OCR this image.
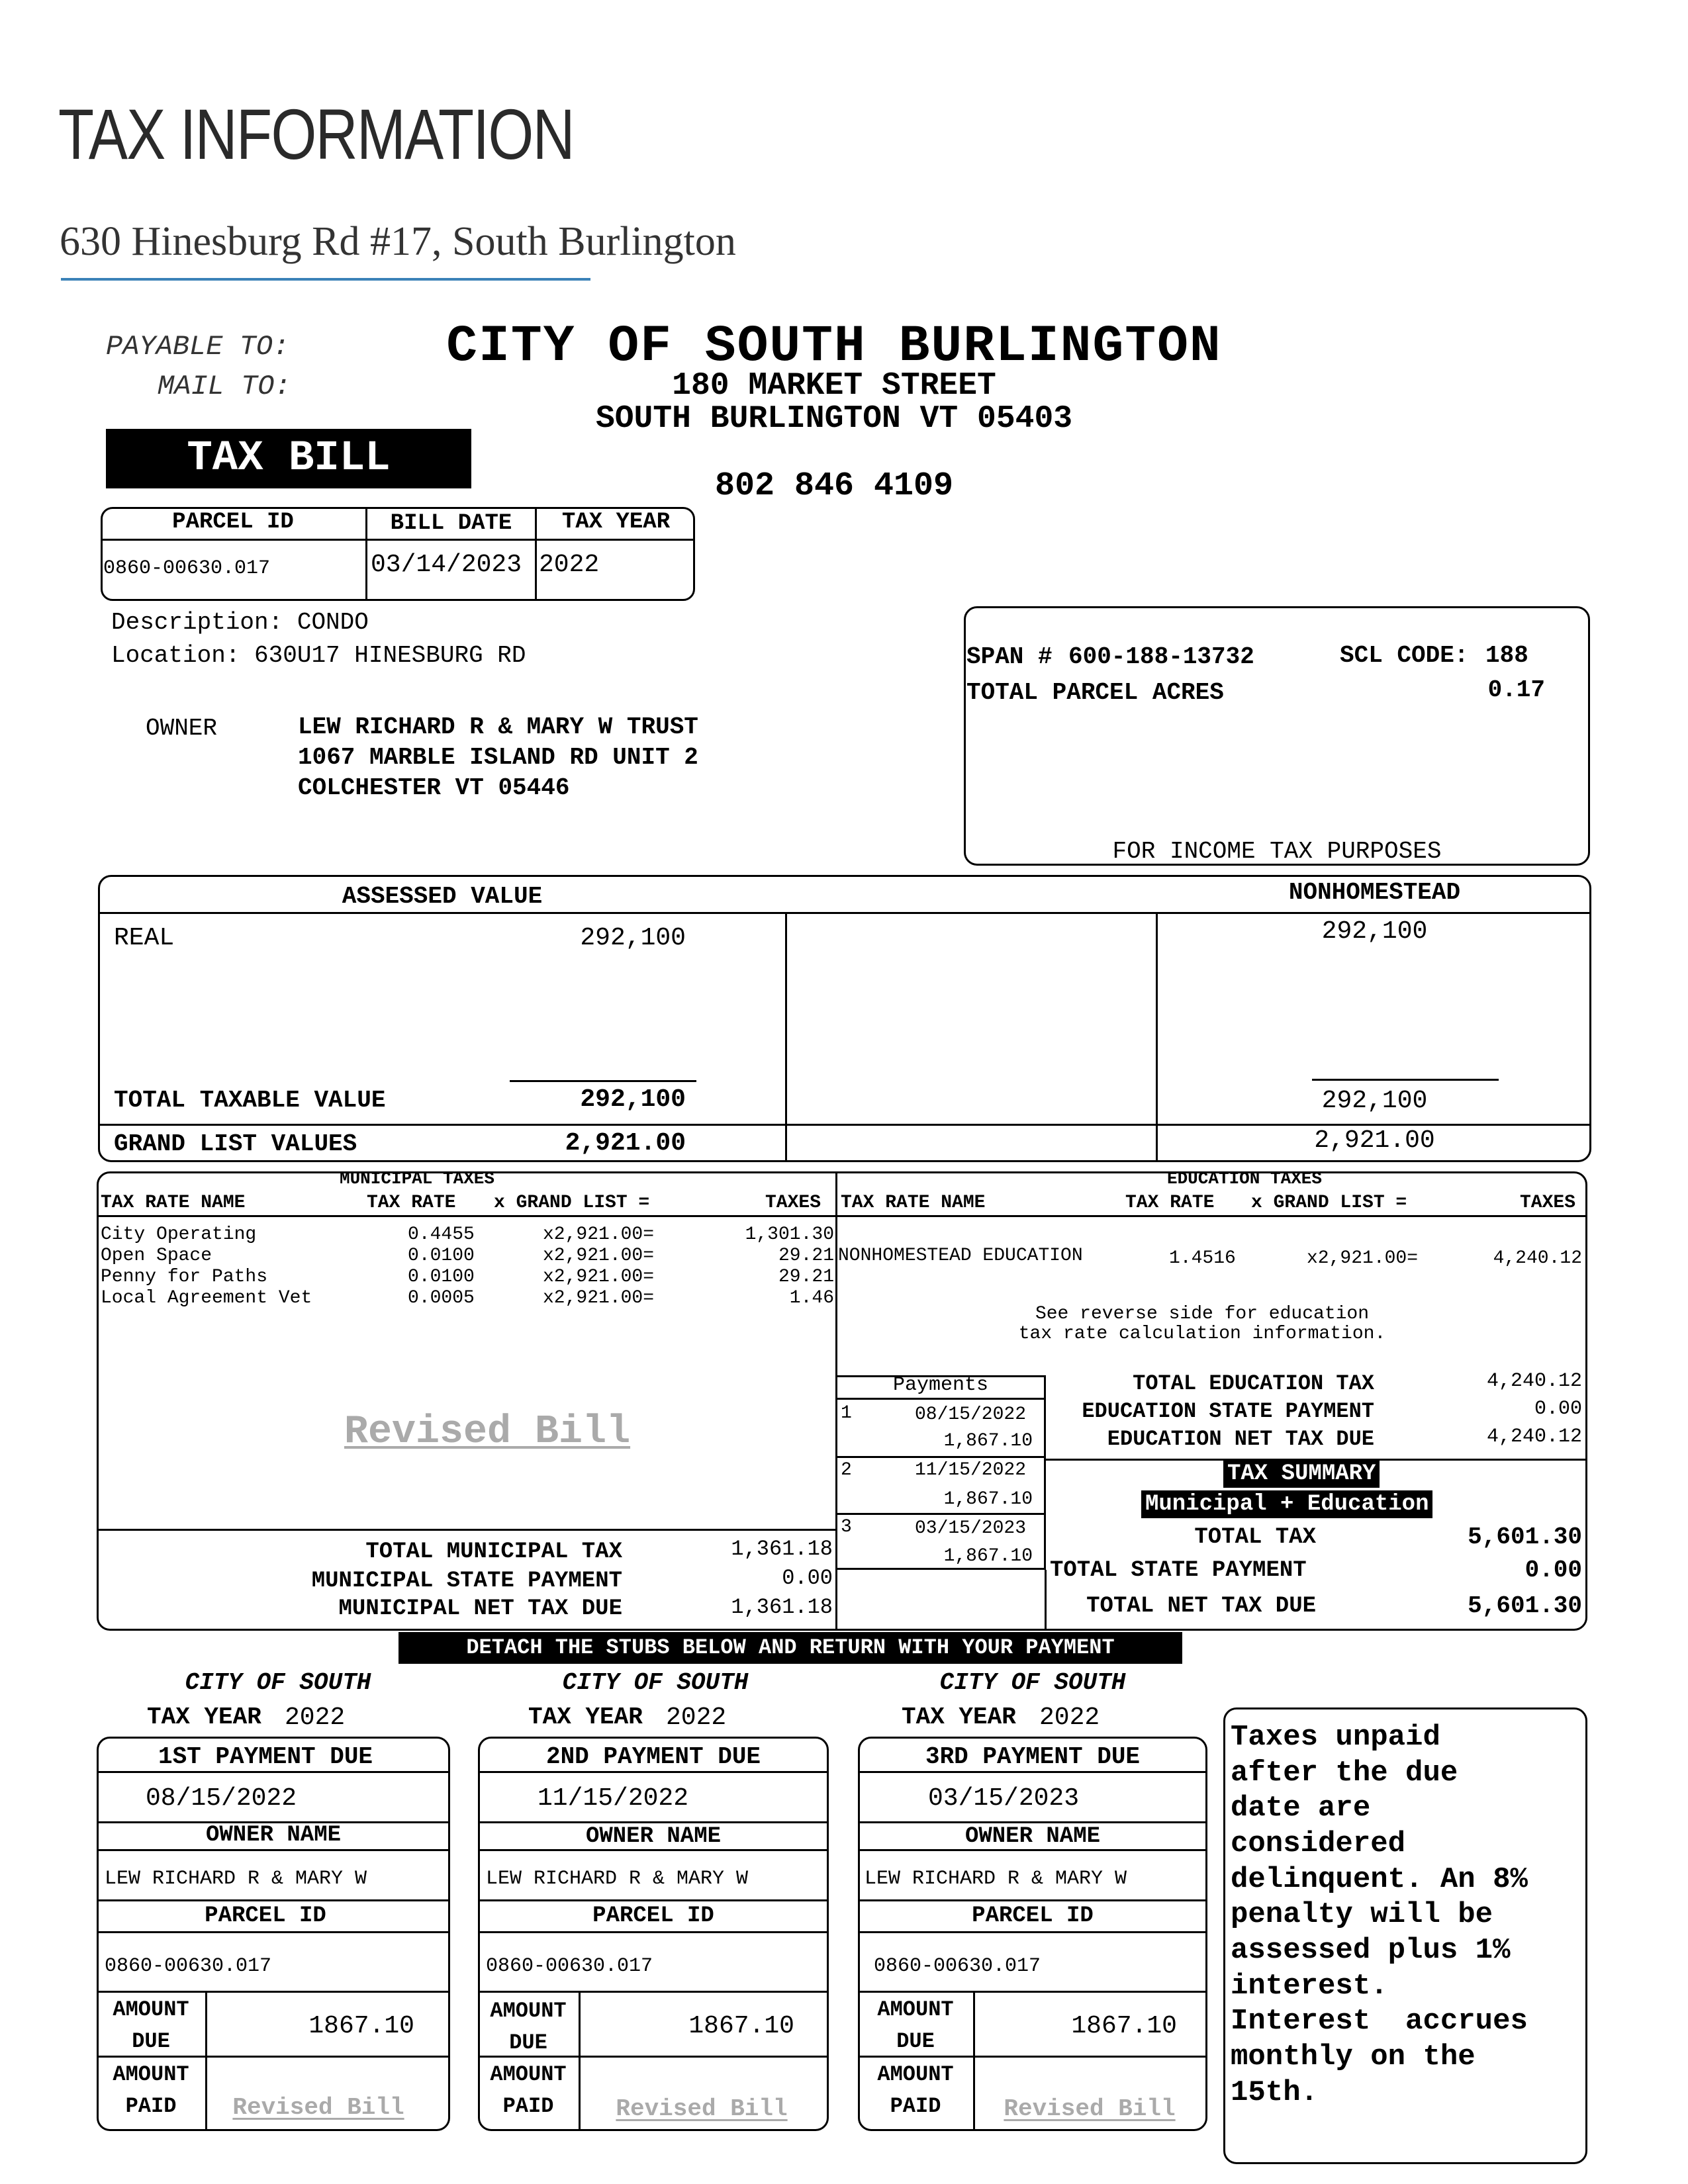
TAX INFORMATION
630 Hinesburg Rd #17, South Burlington
PAYABLE TO:
MAIL TO:
CITY OF SOUTH BURLINGTON
180 MARKET STREET
SOUTH BURLINGTON VT 05403
802 846 4109
TAX BILL
PARCEL ID	BILL DATE	TAX YEAR
0860-00630.017	03/14/2023 2022
Description: CONDO
Location: 630U17 HINESBURG RD
OWNER	LEW RICHARD R & MARY W TRUST
1067 MARBLE ISLAND RD UNIT 2
COLCHESTER VT 05446
SPAN # 600-188-13732	SCL CODE: 188
TOTAL PARCEL ACRES	0.17
FOR INCOME TAX PURPOSES
ASSESSED VALUE	NONHOMESTEAD
REAL	292,100	292,100
TOTAL TAXABLE VALUE	292,100	292,100
GRAND LIST VALUES	2,921.00	2,921.00
MUNICIPAL TAXES
TAX RATE NAME	TAX RATE x GRAND LIST =	TAXES
City Operating	0.4455	x2,921.00=	1,301.30
Open Space	0.0100	x2,921.00=	29.21
Penny for Paths	0.0100	x2,921.00=	29.21
Local Agreement Vet	0.0005	x2,921.00=	1.46
Revised Bill
TOTAL MUNICIPAL TAX	1,361.18
MUNICIPAL STATE PAYMENT	0.00
MUNICIPAL NET TAX DUE	1,361.18
EDUCATION TAXES
TAX RATE NAME	TAX RATE x GRAND LIST =	TAXES
NONHOMESTEAD EDUCATION	1.4516	x2,921.00=	4,240.12
See reverse side for education
tax rate calculation information.
TOTAL EDUCATION TAX	4,240.12
EDUCATION STATE PAYMENT	0.00
EDUCATION NET TAX DUE	4,240.12
Payments
1	08/15/2022
1,867.10
2	11/15/2022
1,867.10
3	03/15/2023
1,867.10
TAX SUMMARY
Municipal + Education
TOTAL TAX	5,601.30
TOTAL STATE PAYMENT	0.00
TOTAL NET TAX DUE	5,601.30
DETACH THE STUBS BELOW AND RETURN WITH YOUR PAYMENT
CITY OF SOUTH
TAX YEAR 2022
1ST PAYMENT DUE
08/15/2022
OWNER NAME
LEW RICHARD R & MARY W
PARCEL ID
0860-00630.017
AMOUNT
DUE
1867.10
AMOUNT
PAID	Revised Bill
CITY OF SOUTH
TAX YEAR 2022
2ND PAYMENT DUE
11/15/2022
OWNER NAME
LEW RICHARD R & MARY W
PARCEL ID
0860-00630.017
AMOUNT
DUE
1867.10
AMOUNT
PAID	Revised Bill
CITY OF SOUTH
TAX YEAR 2022
3RD PAYMENT DUE
03/15/2023
OWNER NAME
LEW RICHARD R & MARY W
PARCEL ID
0860-00630.017
AMOUNT
DUE
1867.10
AMOUNT
PAID	Revised Bill
Taxes unpaid
after the due
date are
considered
delinquent. An 8%
penalty will be
assessed plus 1%
interest.
Interest  accrues
monthly on the
15th.
